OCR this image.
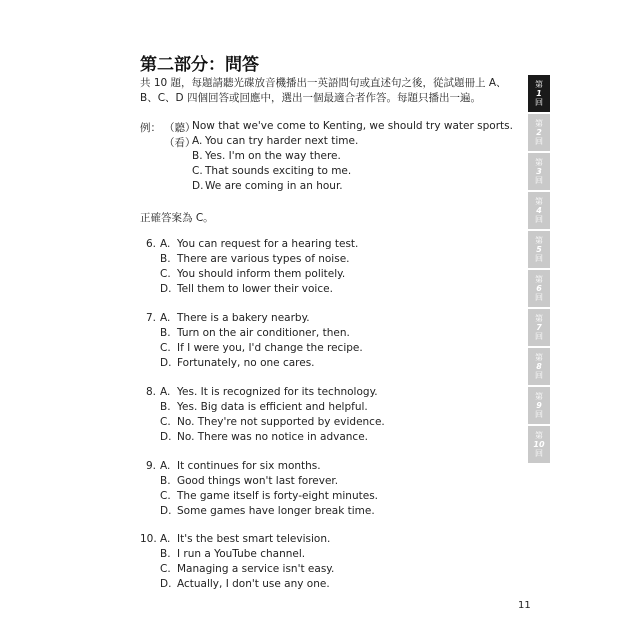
第二部分：問答
共 10 題，每題請聽光碟放音機播出一英語問句或直述句之後，從試題冊上 A、B、C、D 四個回答或回應中，選出一個最適合者作答。每題只播出一遍。
例： （聽）
Now that we've come to Kenting, we should try water sports.
（看）
A. You can try harder next time.
B. Yes. I'm on the way there.
C. That sounds exciting to me.
D. We are coming in an hour.
正確答案為 C。
6. A. You can request for a hearing test.
B. There are various types of noise.
C. You should inform them politely.
D. Tell them to lower their voice.
7. A. There is a bakery nearby.
B. Turn on the air conditioner, then.
C. If I were you, I'd change the recipe.
D. Fortunately, no one cares.
8. A. Yes. It is recognized for its technology.
B. Yes. Big data is efficient and helpful.
C. No. They're not supported by evidence.
D. No. There was no notice in advance.
9. A. It continues for six months.
B. Good things won't last forever.
C. The game itself is forty-eight minutes.
D. Some games have longer break time.
10. A. It's the best smart television.
B. I run a YouTube channel.
C. Managing a service isn't easy.
D. Actually, I don't use any one.
第
1
回
第
2
回
第
3
回
第
4
回
第
5
回
第
6
回
第
7
回
第
8
回
第
9
回
第
10
回
11
